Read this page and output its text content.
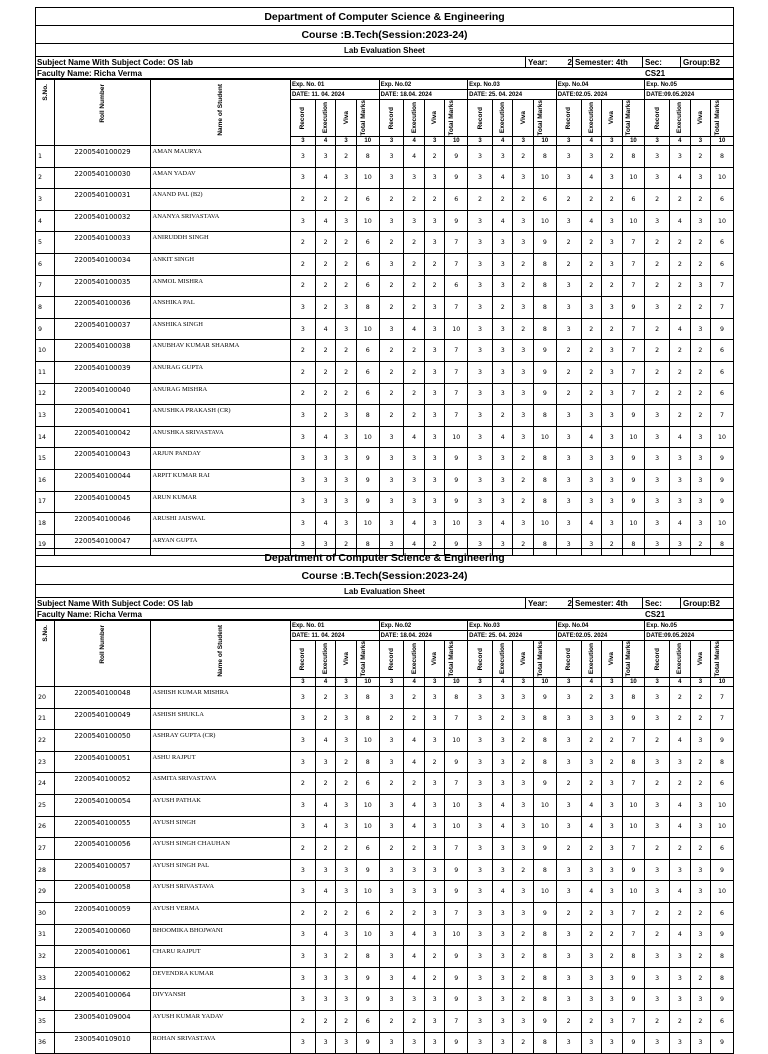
Department of Computer Science & Engineering
Course :B.Tech(Session:2023-24)
Lab Evaluation Sheet
Subject Name With Subject Code: OS lab	Year:	2 Semester: 4th	Sec: CS21
Group:B2
Faculty Name: Richa Verma
S.No.	Roll Number	Name of Student	Exp. No. 01				Exp. No.02				Exp. No.03				Exp. No.04				Exp. No.05			
			DATE: 11. 04. 2024				DATE: 18.04. 2024				DATE: 25. 04. 2024				DATE:02.05. 2024				DATE:09.05.2024			

			Record	Execution	Viva	Total Marks	Record	Execution	Viva	Total Marks	Record	Execution	Viva	Total Marks	Record	Execution	Viva	Total Marks	Record	Execution	Viva	Total Marks

			3	4	3	10	3	4	3	10	3	4	3	10	3	4	3	10	3	4	3	10
1	2200540100029	AMAN MAURYA	3	3	2	8	3	4	2	9	3	3	2	8	3	3	2	8	3	3	2	8
2	2200540100030	AMAN YADAV	3	4	3	10	3	3	3	9	3	4	3	10	3	4	3	10	3	4	3	10
3	2200540100031	ANAND PAL (B2)	2	2	2	6	2	2	2	6	2	2	2	6	2	2	2	6	2	2	2	6
4	2200540100032	ANANYA SRIVASTAVA	3	4	3	10	3	3	3	9	3	4	3	10	3	4	3	10	3	4	3	10
5	2200540100033	ANIRUDDH SINGH	2	2	2	6	2	2	3	7	3	3	3	9	2	2	3	7	2	2	2	6
6	2200540100034	ANKIT SINGH	2	2	2	6	3	2	2	7	3	3	2	8	2	2	3	7	2	2	2	6
7	2200540100035	ANMOL MISHRA	2	2	2	6	2	2	2	6	3	3	2	8	3	2	2	7	2	2	3	7
8	2200540100036	ANSHIKA PAL	3	2	3	8	2	2	3	7	3	2	3	8	3	3	3	9	3	2	2	7
9	2200540100037	ANSHIKA SINGH	3	4	3	10	3	4	3	10	3	3	2	8	3	2	2	7	2	4	3	9
10	2200540100038	ANUBHAV KUMAR SHARMA	2	2	2	6	2	2	3	7	3	3	3	9	2	2	3	7	2	2	2	6
11	2200540100039	ANURAG GUPTA	2	2	2	6	2	2	3	7	3	3	3	9	2	2	3	7	2	2	2	6
12	2200540100040	ANURAG MISHRA	2	2	2	6	2	2	3	7	3	3	3	9	2	2	3	7	2	2	2	6
13	2200540100041	ANUSHKA PRAKASH (CR)	3	2	3	8	2	2	3	7	3	2	3	8	3	3	3	9	3	2	2	7
14	2200540100042	ANUSHKA SRIVASTAVA	3	4	3	10	3	4	3	10	3	4	3	10	3	4	3	10	3	4	3	10
15	2200540100043	ARJUN PANDAY	3	3	3	9	3	3	3	9	3	3	2	8	3	3	3	9	3	3	3	9
16	2200540100044	ARPIT KUMAR RAI	3	3	3	9	3	3	3	9	3	3	2	8	3	3	3	9	3	3	3	9
17	2200540100045	ARUN KUMAR	3	3	3	9	3	3	3	9	3	3	2	8	3	3	3	9	3	3	3	9
18	2200540100046	ARUSHI JAISWAL	3	4	3	10	3	4	3	10	3	4	3	10	3	4	3	10	3	4	3	10
19	2200540100047	ARYAN GUPTA	3	3	2	8	3	4	2	9	3	3	2	8	3	3	2	8	3	3	2	8
Department of Computer Science & Engineering
Course :B.Tech(Session:2023-24)
Lab Evaluation Sheet
Subject Name With Subject Code: OS lab	Year:	2 Semester: 4th	Sec: CS21
Group:B2
Faculty Name: Richa Verma
S.No.	Roll Number	Name of Student	Exp. No. 01				Exp. No.02				Exp. No.03				Exp. No.04				Exp. No.05			
			DATE: 11. 04. 2024				DATE: 18.04. 2024				DATE: 25. 04. 2024				DATE:02.05. 2024				DATE:09.05.2024			

			Record	Execution	Viva	Total Marks	Record	Execution	Viva	Total Marks	Record	Execution	Viva	Total Marks	Record	Execution	Viva	Total Marks	Record	Execution	Viva	Total Marks

			3	4	3	10	3	4	3	10	3	4	3	10	3	4	3	10	3	4	3	10
20	2200540100048	ASHISH KUMAR MISHRA	3	2	3	8	3	2	3	8	3	3	3	9	3	2	3	8	3	2	2	7
21	2200540100049	ASHISH SHUKLA	3	2	3	8	2	2	3	7	3	2	3	8	3	3	3	9	3	2	2	7
22	2200540100050	ASHRAY GUPTA (CR)	3	4	3	10	3	4	3	10	3	3	2	8	3	2	2	7	2	4	3	9
23	2200540100051	ASHU RAJPUT	3	3	2	8	3	4	2	9	3	3	2	8	3	3	2	8	3	3	2	8
24	2200540100052	ASMITA SRIVASTAVA	2	2	2	6	2	2	3	7	3	3	3	9	2	2	3	7	2	2	2	6
25	2200540100054	AYUSH PATHAK	3	4	3	10	3	4	3	10	3	4	3	10	3	4	3	10	3	4	3	10
26	2200540100055	AYUSH SINGH	3	4	3	10	3	4	3	10	3	4	3	10	3	4	3	10	3	4	3	10
27	2200540100056	AYUSH SINGH CHAUHAN	2	2	2	6	2	2	3	7	3	3	3	9	2	2	3	7	2	2	2	6
28	2200540100057	AYUSH SINGH PAL	3	3	3	9	3	3	3	9	3	3	2	8	3	3	3	9	3	3	3	9
29	2200540100058	AYUSH SRIVASTAVA	3	4	3	10	3	3	3	9	3	4	3	10	3	4	3	10	3	4	3	10
30	2200540100059	AYUSH VERMA	2	2	2	6	2	2	3	7	3	3	3	9	2	2	3	7	2	2	2	6
31	2200540100060	BHOOMIKA BHOJWANI	3	4	3	10	3	4	3	10	3	3	2	8	3	2	2	7	2	4	3	9
32	2200540100061	CHARU RAJPUT	3	3	2	8	3	4	2	9	3	3	2	8	3	3	2	8	3	3	2	8
33	2200540100062	DEVENDRA KUMAR	3	3	3	9	3	4	2	9	3	3	2	8	3	3	3	9	3	3	2	8
34	2200540100064	DIVYANSH	3	3	3	9	3	3	3	9	3	3	2	8	3	3	3	9	3	3	3	9
35	2300540109004	AYUSH KUMAR YADAV	2	2	2	6	2	2	3	7	3	3	3	9	2	2	3	7	2	2	2	6
36	2300540109010	ROHAN SRIVASTAVA	3	3	3	9	3	3	3	9	3	3	2	8	3	3	3	9	3	3	3	9
